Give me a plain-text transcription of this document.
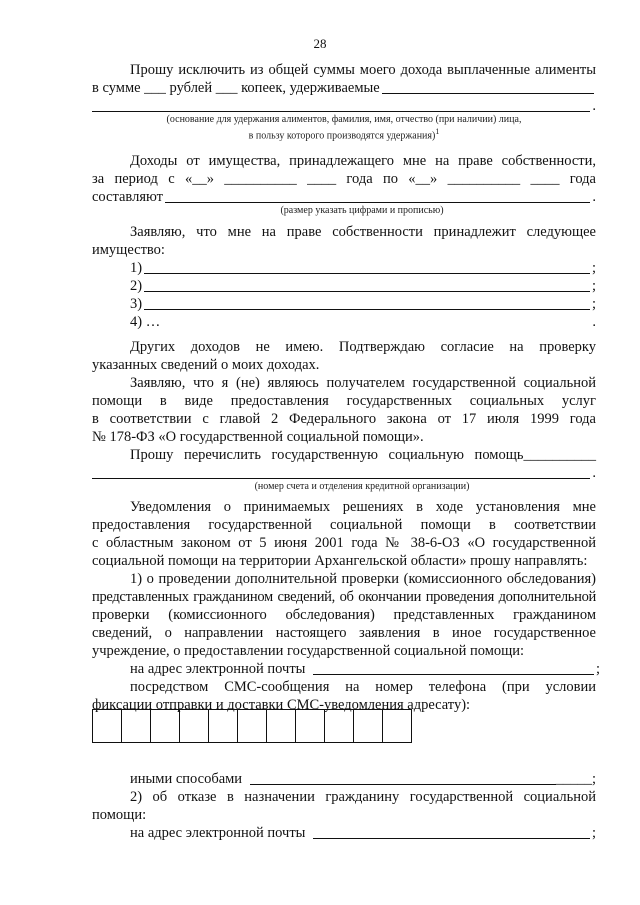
28

Прошу исключить из общей суммы моего дохода выплаченные алименты

в сумме ___ рублей ___ копеек, удерживаемые
.
(основание для удержания алиментов, фамилия, имя, отчество (при наличии) лица,
в пользу которого производятся удержания)$^1$

Доходы от имущества, принадлежащего мне на праве собственности,

за период с «__» __________ ____ года по «__» __________ ____ года

составляют	.
(размер указать цифрами и прописью)

Заявляю, что мне на праве собственности принадлежит следующее

имущество:

1)	;
2)	;
3)	;
4) …	.

Других доходов не имею. Подтверждаю согласие на проверку

указанных сведений о моих доходах.

Заявляю, что я (не) являюсь получателем государственной социальной

помощи в виде предоставления государственных социальных услуг

в соответствии с главой 2 Федерального закона от 17 июля 1999 года

№ 178-ФЗ «О государственной социальной помощи».

Прошу перечислить государственную социальную помощь__________

.
(номер счета и отделения кредитной организации)

Уведомления о принимаемых решениях в ходе установления мне

предоставления государственной социальной помощи в соответствии

с областным законом от 5 июня 2001 года № 38-6-ОЗ «О государственной

социальной помощи на территории Архангельской области» прошу направлять:

1) о проведении дополнительной проверки (комиссионного обследования)

представленных гражданином сведений, об окончании проведения дополнительной

проверки (комиссионного обследования) представленных гражданином

сведений, о направлении настоящего заявления в иное государственное

учреждение, о предоставлении государственной социальной помощи:

на адрес электронной почты	;

посредством СМС-сообщения на номер телефона (при условии

фиксации отправки и доставки СМС-уведомления адресату):

иными способами	_____;

2) об отказе в назначении гражданину государственной социальной

помощи:

на адрес электронной почты	;
